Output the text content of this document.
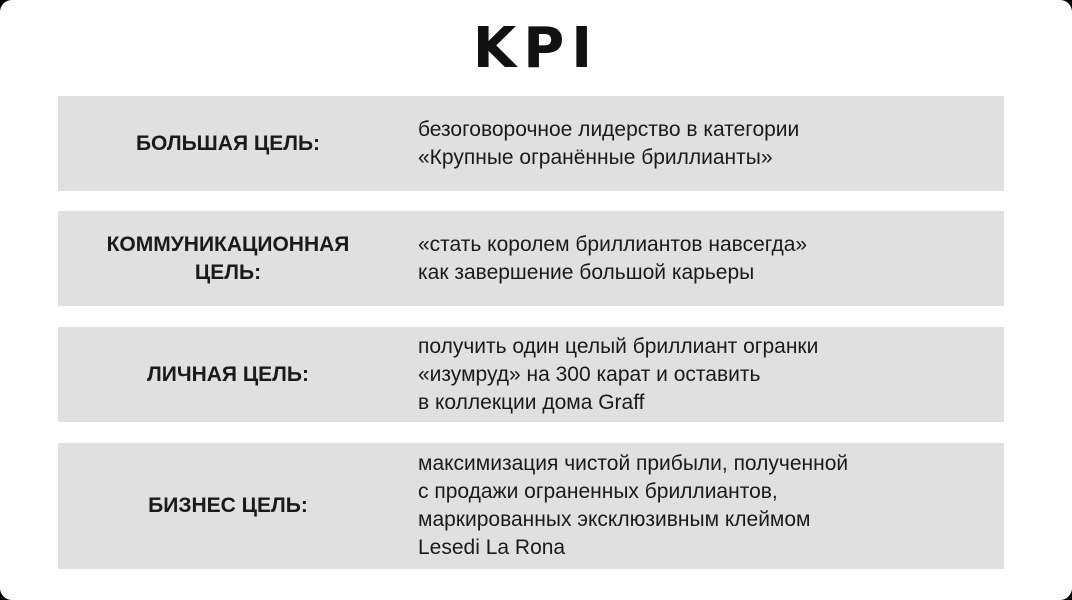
KPI
БОЛЬШАЯ ЦЕЛЬ:
безоговорочное лидерство в категории
«Крупные огранённые бриллианты»
КОММУНИКАЦИОННАЯ
ЦЕЛЬ:
«стать королем бриллиантов навсегда»
как завершение большой карьеры
ЛИЧНАЯ ЦЕЛЬ:
получить один целый бриллиант огранки
«изумруд» на 300 карат и оставить
в коллекции дома Graff
БИЗНЕС ЦЕЛЬ:
максимизация чистой прибыли, полученной
с продажи ограненных бриллиантов,
маркированных эксклюзивным клеймом
Lesedi La Rona
